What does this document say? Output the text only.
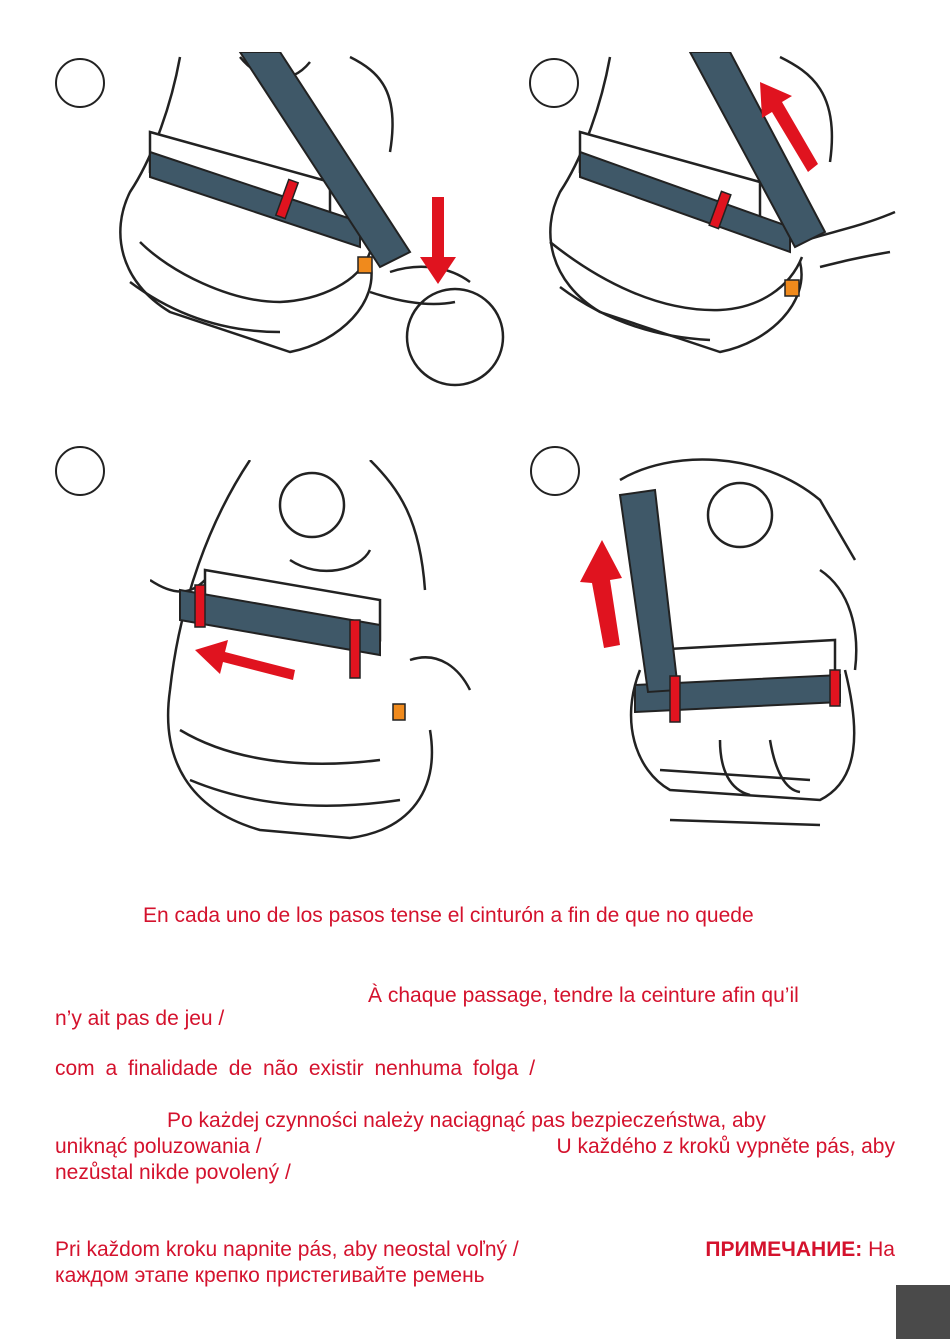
En cada uno de los pasos tense el cinturón a fin de que no quede
À chaque passage, tendre la ceinture afin qu’il
n’y ait pas de jeu /
com a finalidade de não existir nenhuma folga /
Po każdej czynności należy naciągnąć pas bezpieczeństwa, aby
uniknąć poluzowania /	U každého z kroků vypněte pás, aby
nezůstal nikde povolený /
Pri každom kroku napnite pás, aby neostal voľný /	ПРИМЕЧАНИЕ: На
каждом этапе крепко пристегивайте ремень
